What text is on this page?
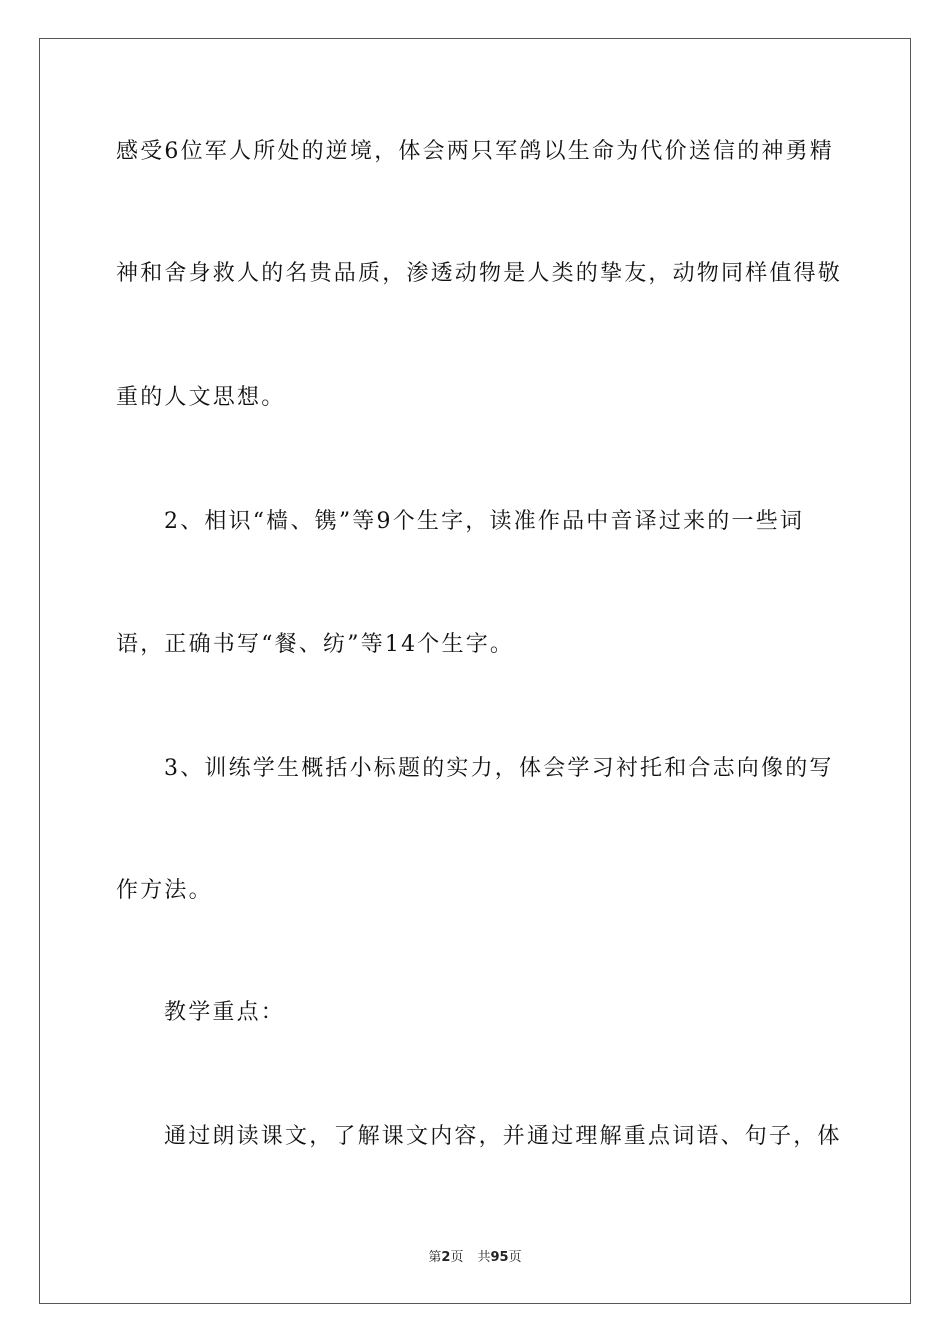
感受6位军人所处的逆境，体会两只军鸽以生命为代价送信的神勇精
神和舍身救人的名贵品质，渗透动物是人类的挚友，动物同样值得敬
重的人文思想。
2、相识“樯、镌”等9个生字，读准作品中音译过来的一些词
语，正确书写“餐、纺”等14个生字。
3、训练学生概括小标题的实力，体会学习衬托和合志向像的写
作方法。
教学重点：
通过朗读课文，了解课文内容，并通过理解重点词语、句子，体
第2页 共95页
